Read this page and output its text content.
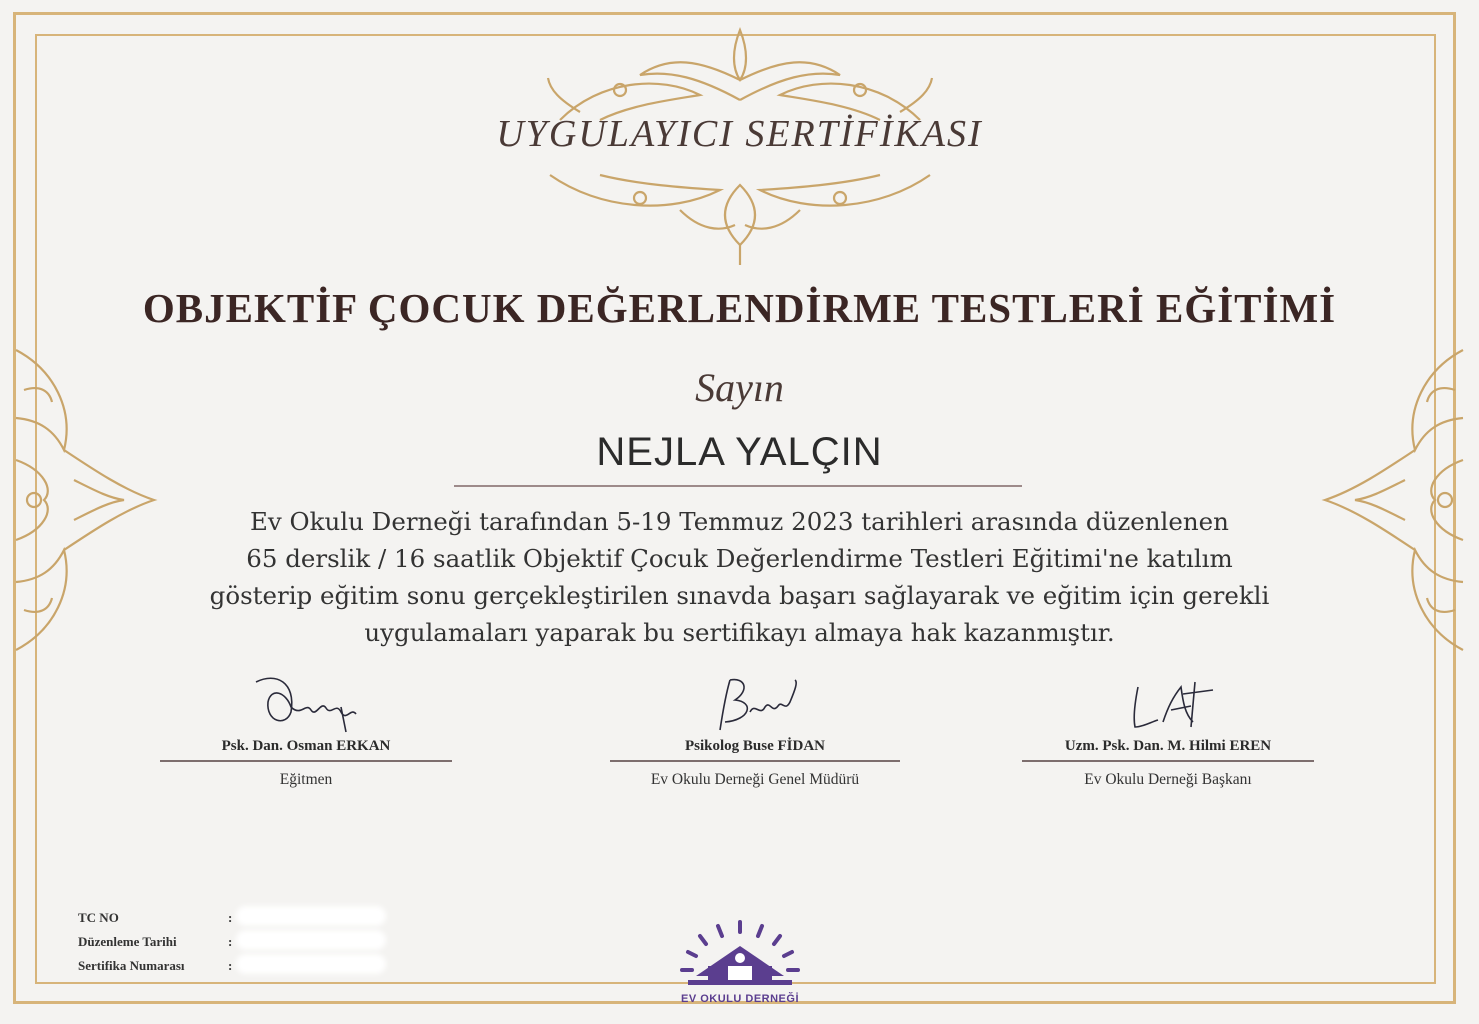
UYGULAYICI SERTİFİKASI
OBJEKTİF ÇOCUK DEĞERLENDİRME TESTLERİ EĞİTİMİ
Sayın
NEJLA YALÇIN
Ev Okulu Derneği tarafından 5-19 Temmuz 2023 tarihleri arasında düzenlenen
65 derslik / 16 saatlik Objektif Çocuk Değerlendirme Testleri Eğitimi'ne katılım
gösterip eğitim sonu gerçekleştirilen sınavda başarı sağlayarak ve eğitim için gerekli
uygulamaları yaparak bu sertifikayı almaya hak kazanmıştır.
Psk. Dan. Osman ERKAN
Eğitmen
Psikolog Buse FİDAN
Ev Okulu Derneği Genel Müdürü
Uzm. Psk. Dan. M. Hilmi EREN
Ev Okulu Derneği Başkanı
TC NO	:
Düzenleme Tarihi	:
Sertifika Numarası	:
EV OKULU DERNEĞİ
